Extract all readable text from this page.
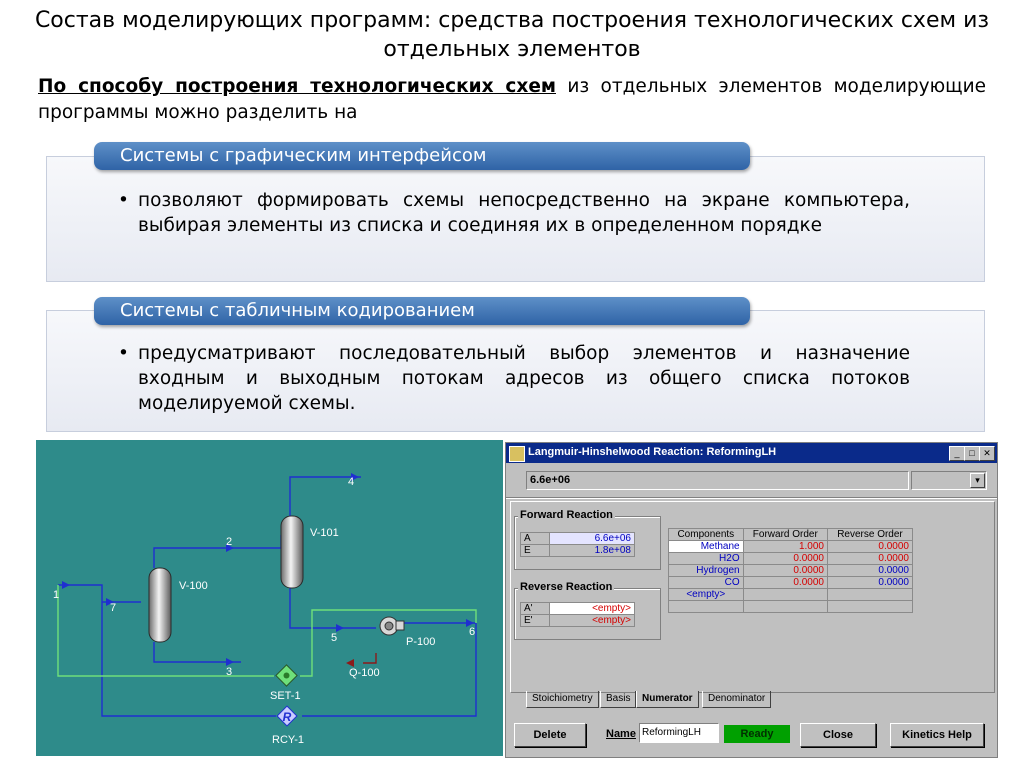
Состав моделирующих программ: средства построения технологических схем из отдельных элементов
По способу построения технологических схем из отдельных элементов моделирующие программы можно разделить на
Системы с графическим интерфейсом
• позволяют формировать схемы непосредственно на экране компьютера, выбирая элементы из списка и соединяя их в определенном порядке
Системы с табличным кодированием
• предусматривают последовательный выбор элементов и назначение входным и выходным потокам адресов из общего списка потоков моделируемой схемы.
R
1
2
3
4
5	6
7
V-100
V-101
P-100
Q-100
SET-1
RCY-1
Langmuir-Hinshelwood Reaction: ReformingLH	_	□ ✕
6.6e+06	▾
Forward Reaction
A	6.6e+06
E	1.8e+08
Reverse Reaction
A'	<empty>
E'	<empty>
Components	Forward Order	Reverse Order
Methane	1.000	0.0000
H2O	0.0000	0.0000
Hydrogen	0.0000	0.0000
CO	0.0000	0.0000
<empty>		

Stoichiometry	Basis	Numerator	Denominator
Delete	Name ReformingLH	Ready	Close	Kinetics Help
